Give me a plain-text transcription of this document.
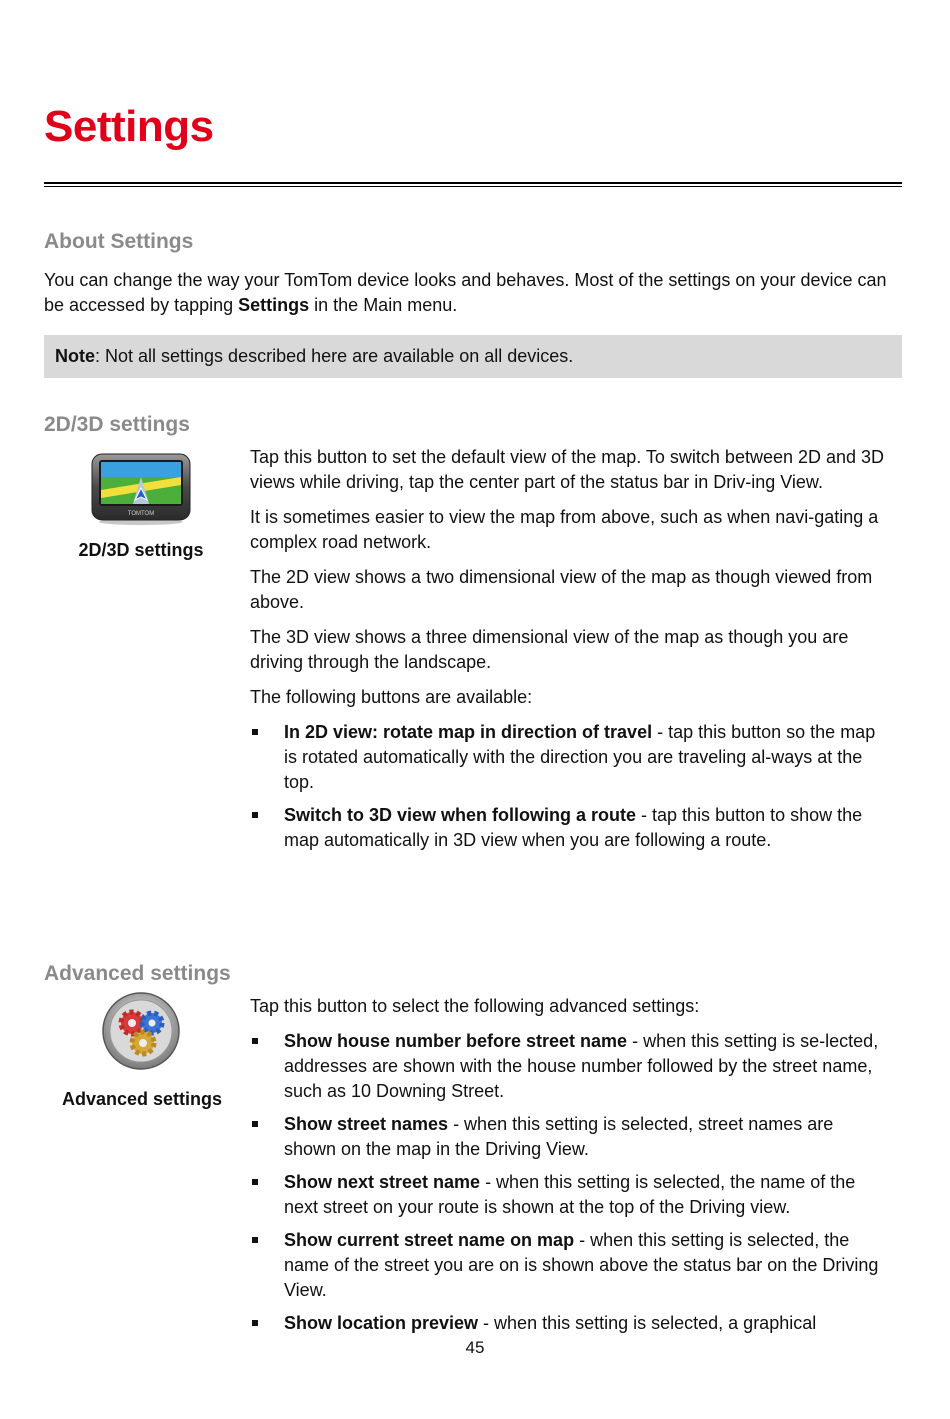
Settings
About Settings

You can change the way your TomTom device looks and behaves. Most of the settings on your device can be accessed by tapping Settings in the Main menu.

Note: Not all settings described here are available on all devices.
2D/3D settings
TOMTOM
2D/3D settings

Tap this button to set the default view of the map. To switch between 2D and 3D views while driving, tap the center part of the status bar in Driv-ing View.

It is sometimes easier to view the map from above, such as when navi-gating a complex road network.

The 2D view shows a two dimensional view of the map as though viewed from above.

The 3D view shows a three dimensional view of the map as though you are driving through the landscape.

The following buttons are available:

In 2D view: rotate map in direction of travel - tap this button so the map is rotated automatically with the direction you are traveling al-ways at the top.
Switch to 3D view when following a route - tap this button to show the map automatically in 3D view when you are following a route.
Advanced settings
Advanced settings

Tap this button to select the following advanced settings:

Show house number before street name - when this setting is se-lected, addresses are shown with the house number followed by the street name, such as 10 Downing Street.
Show street names - when this setting is selected, street names are shown on the map in the Driving View.
Show next street name - when this setting is selected, the name of the next street on your route is shown at the top of the Driving view.
Show current street name on map - when this setting is selected, the name of the street you are on is shown above the status bar on the Driving View.
Show location preview - when this setting is selected, a graphical
45
